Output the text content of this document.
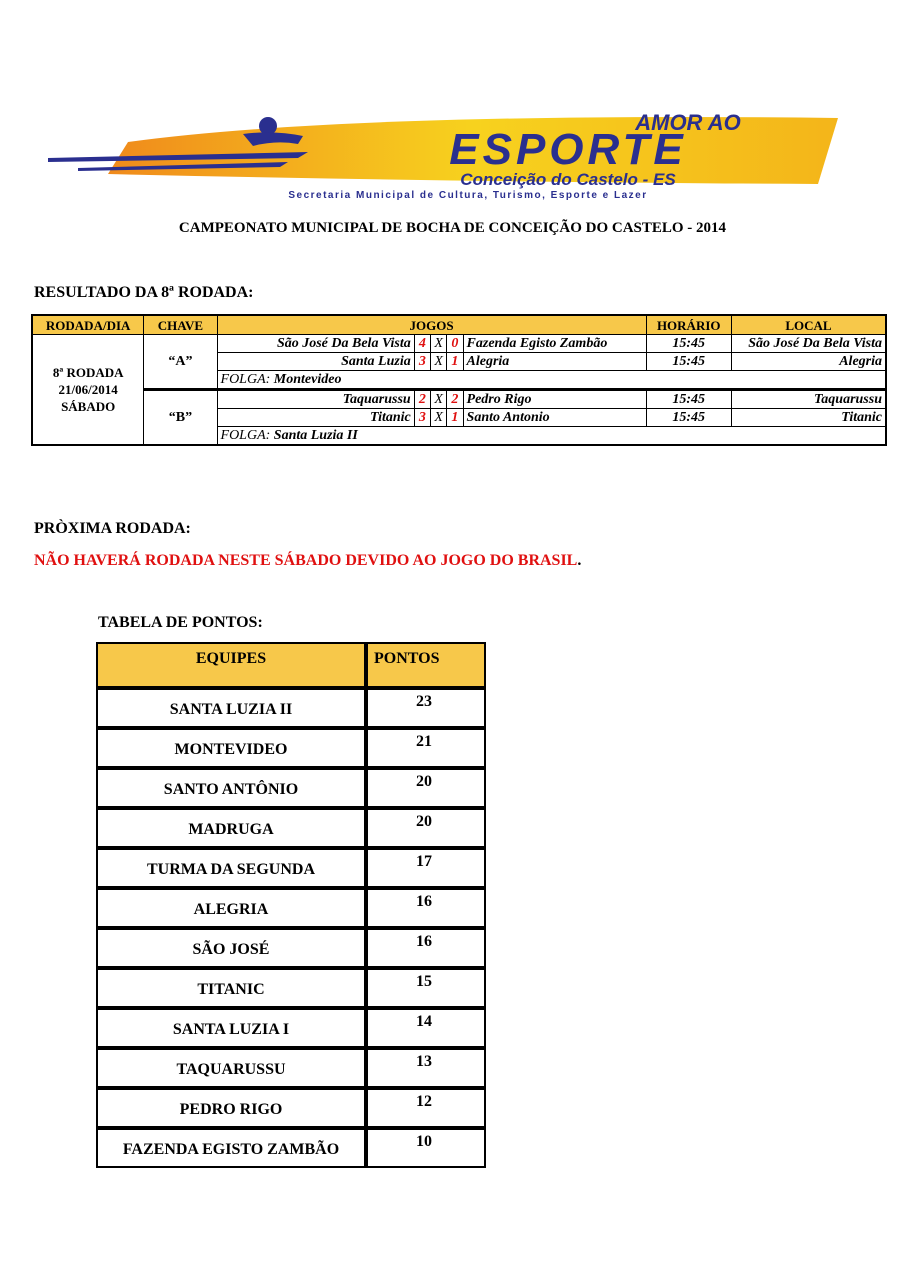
AMOR AO
ESPORTE
Conceição do Castelo - ES
Secretaria Municipal de Cultura, Turismo, Esporte e Lazer
CAMPEONATO MUNICIPAL DE BOCHA DE CONCEIÇÃO DO CASTELO - 2014
RESULTADO DA 8ª RODADA:
RODADA/DIA	CHAVE	JOGOS					HORÁRIO	LOCAL

8ª RODADA
21/06/2014
SÁBADO	“A”	São José Da Bela Vista	4	X	0	Fazenda Egisto Zambão	15:45	São José Da Bela Vista
		Santa Luzia	3	X	1	Alegria	15:45	Alegria
		FOLGA: Montevideo						
	“B”	Taquarussu	2	X	2	Pedro Rigo	15:45	Taquarussu
		Titanic	3	X	1	Santo Antonio	15:45	Titanic
		FOLGA: Santa Luzia II						
PRÒXIMA RODADA:
NÃO HAVERÁ RODADA NESTE SÁBADO DEVIDO AO JOGO DO BRASIL.
TABELA DE PONTOS:
EQUIPES	PONTOS
SANTA LUZIA II	23
MONTEVIDEO	21
SANTO ANTÔNIO	20
MADRUGA	20
TURMA DA SEGUNDA	17
ALEGRIA	16
SÃO JOSÉ	16
TITANIC	15
SANTA LUZIA I	14
TAQUARUSSU	13
PEDRO RIGO	12
FAZENDA EGISTO ZAMBÃO	10
